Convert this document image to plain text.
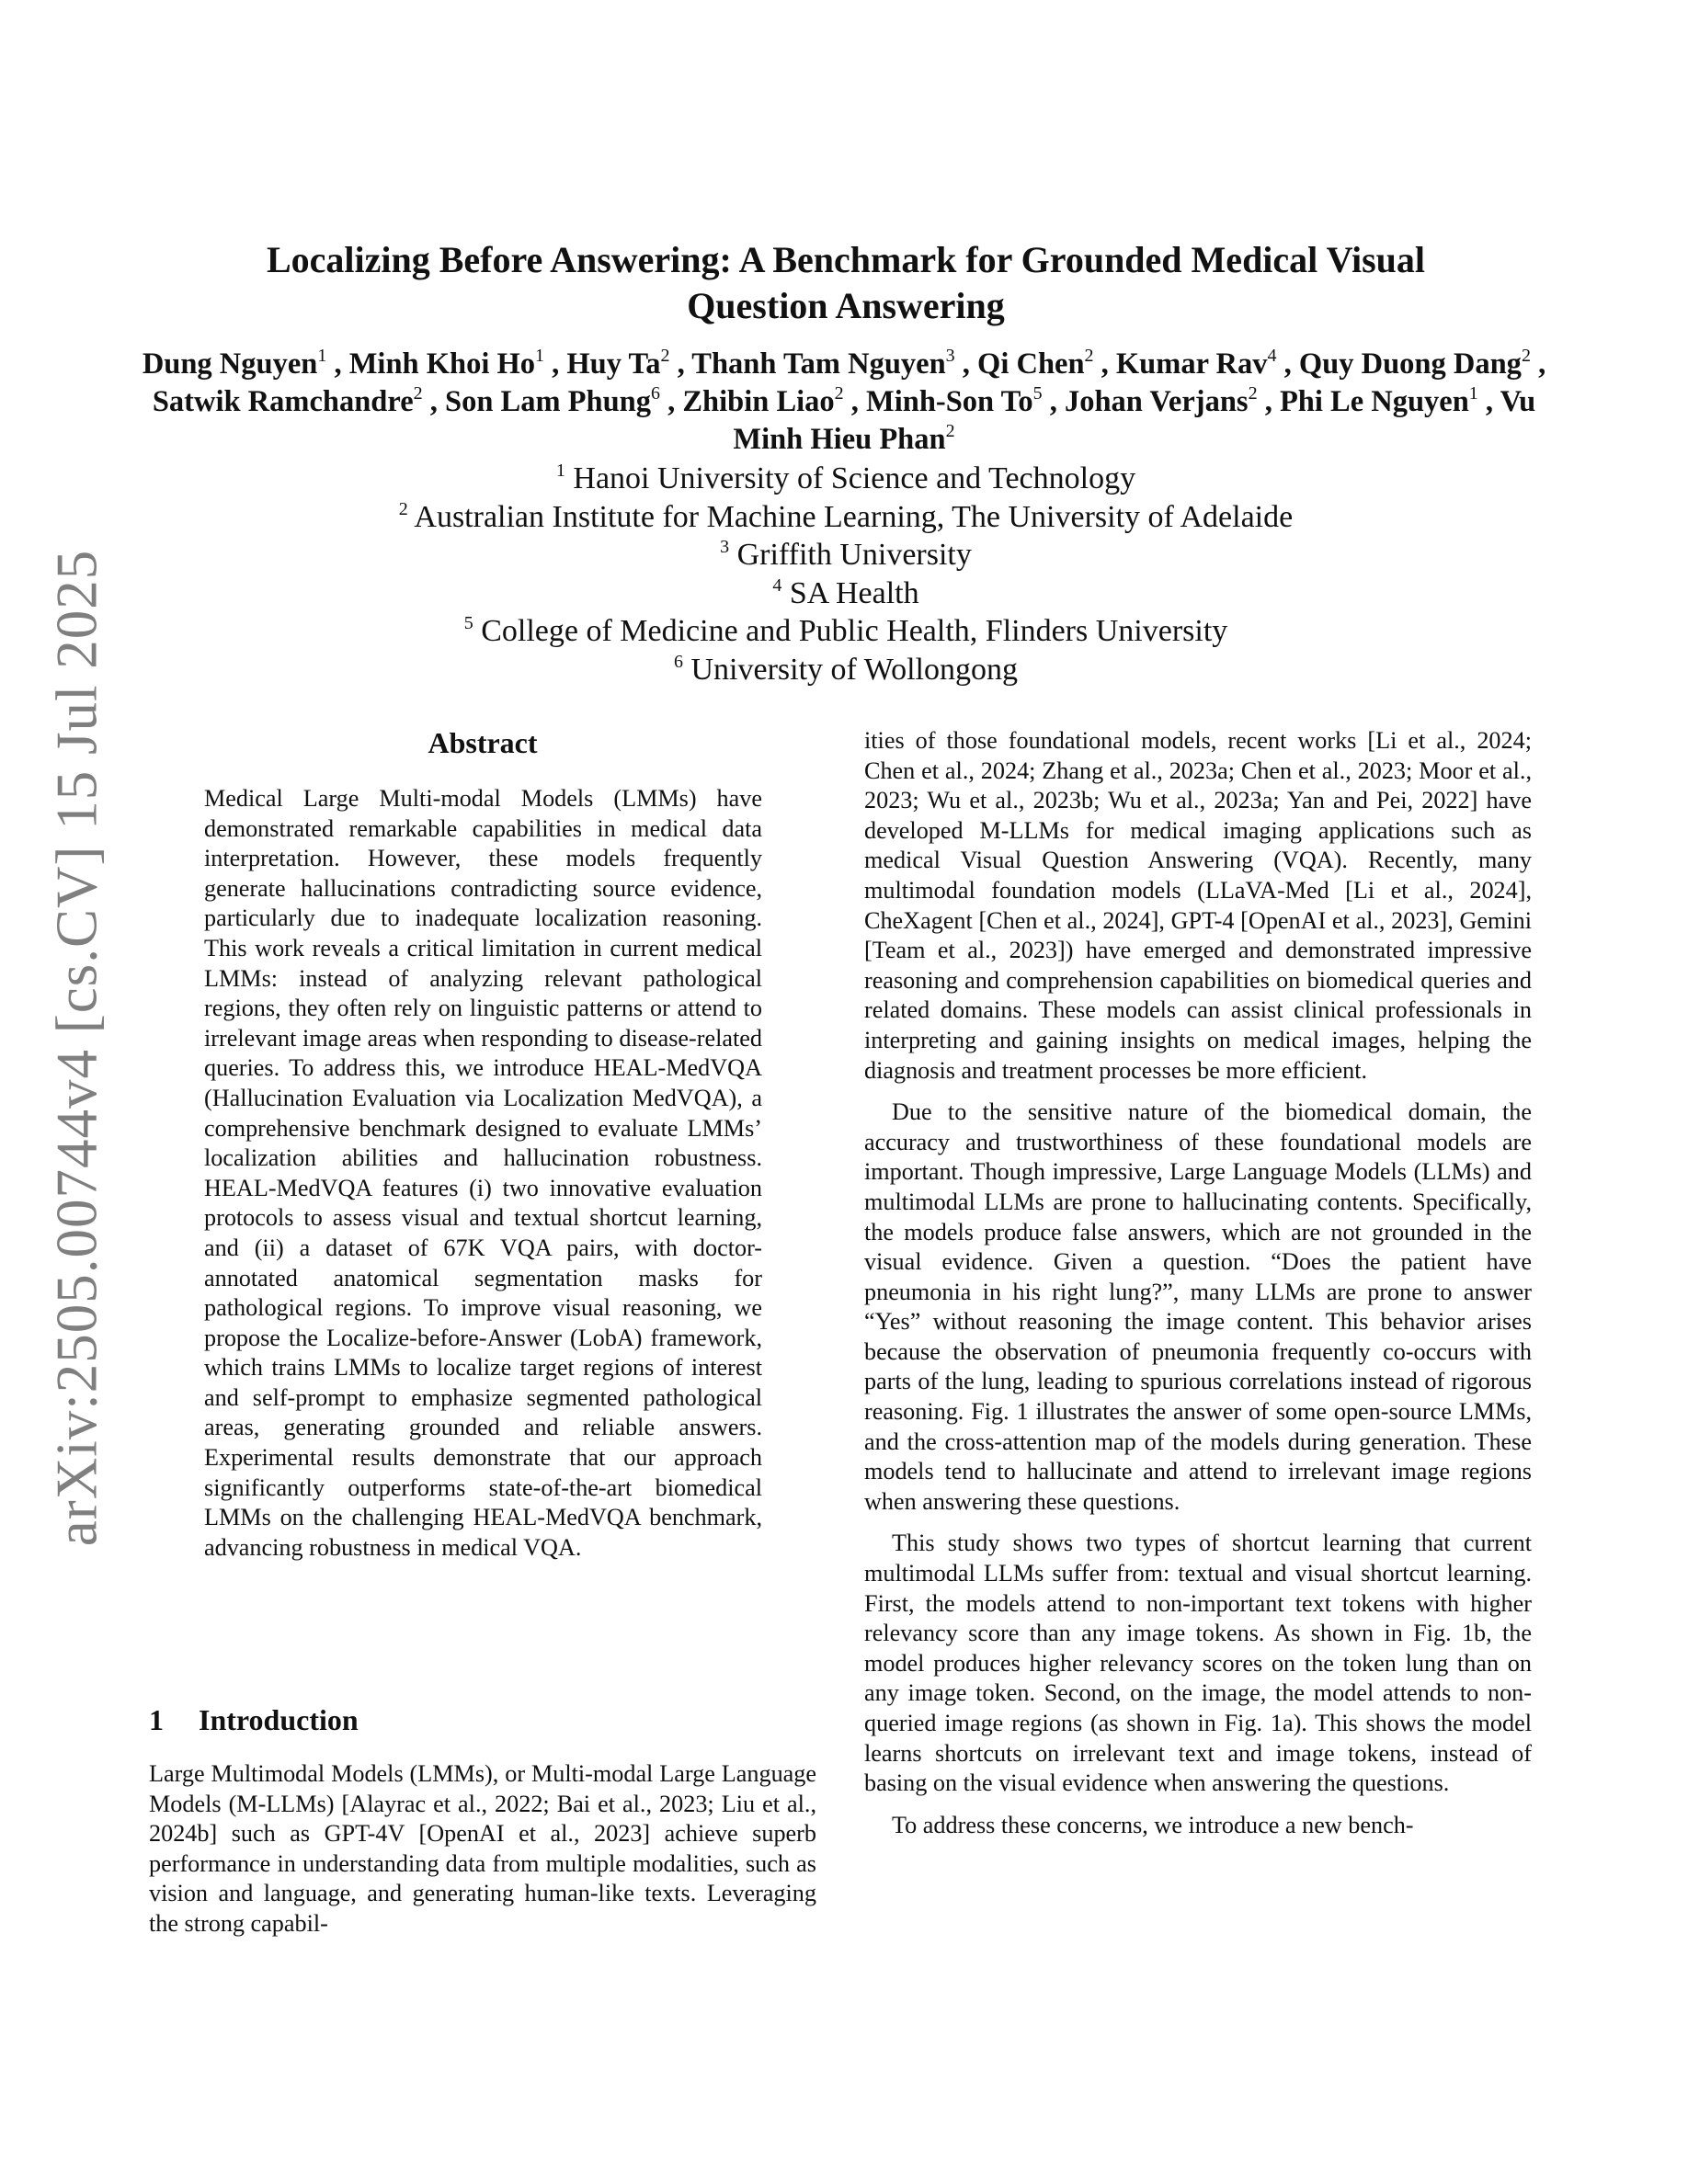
arXiv:2505.00744v4 [cs.CV] 15 Jul 2025
Localizing Before Answering: A Benchmark for Grounded Medical Visual
Question Answering
Dung Nguyen$^1$ , Minh Khoi Ho$^1$ , Huy Ta$^2$ , Thanh Tam Nguyen$^3$ , Qi Chen$^2$ , Kumar Rav$^4$ , Quy Duong Dang$^2$ , Satwik Ramchandre$^2$ , Son Lam Phung$^6$ , Zhibin Liao$^2$ , Minh-Son To$^5$ , Johan Verjans$^2$ , Phi Le Nguyen$^1$ , Vu Minh Hieu Phan$^2$
$^1$ Hanoi University of Science and Technology
$^2$ Australian Institute for Machine Learning, The University of Adelaide
$^3$ Griffith University
$^4$ SA Health
$^5$ College of Medicine and Public Health, Flinders University
$^6$ University of Wollongong
Abstract

Medical Large Multi-modal Models (LMMs) have demonstrated remarkable capabilities in medical data interpretation. However, these models frequently generate hallucinations contradicting source evidence, particularly due to inadequate localization reasoning. This work reveals a critical limitation in current medical LMMs: instead of analyzing relevant pathological regions, they often rely on linguistic patterns or attend to irrelevant image areas when responding to disease-related queries. To address this, we introduce HEAL-MedVQA (Hallucination Evaluation via Localization MedVQA), a comprehensive benchmark designed to evaluate LMMs’ localization abilities and hallucination robustness. HEAL-MedVQA features (i) two innovative evaluation protocols to assess visual and textual shortcut learning, and (ii) a dataset of 67K VQA pairs, with doctor-annotated anatomical segmentation masks for pathological regions. To improve visual reasoning, we propose the Localize-before-Answer (LobA) framework, which trains LMMs to localize target regions of interest and self-prompt to emphasize segmented pathological areas, generating grounded and reliable answers. Experimental results demonstrate that our approach significantly outperforms state-of-the-art biomedical LMMs on the challenging HEAL-MedVQA benchmark, advancing robustness in medical VQA.

1 Introduction

Large Multimodal Models (LMMs), or Multi-modal Large Language Models (M-LLMs) [Alayrac et al., 2022; Bai et al., 2023; Liu et al., 2024b] such as GPT-4V [OpenAI et al., 2023] achieve superb performance in understanding data from multiple modalities, such as vision and language, and generating human-like texts. Leveraging the strong capabil-

ities of those foundational models, recent works [Li et al., 2024; Chen et al., 2024; Zhang et al., 2023a; Chen et al., 2023; Moor et al., 2023; Wu et al., 2023b; Wu et al., 2023a; Yan and Pei, 2022] have developed M-LLMs for medical imaging applications such as medical Visual Question Answering (VQA). Recently, many multimodal foundation models (LLaVA-Med [Li et al., 2024], CheXagent [Chen et al., 2024], GPT-4 [OpenAI et al., 2023], Gemini [Team et al., 2023]) have emerged and demonstrated impressive reasoning and comprehension capabilities on biomedical queries and related domains. These models can assist clinical professionals in interpreting and gaining insights on medical images, helping the diagnosis and treatment processes be more efficient.

Due to the sensitive nature of the biomedical domain, the accuracy and trustworthiness of these foundational models are important. Though impressive, Large Language Models (LLMs) and multimodal LLMs are prone to hallucinating contents. Specifically, the models produce false answers, which are not grounded in the visual evidence. Given a question. “Does the patient have pneumonia in his right lung?”, many LLMs are prone to answer “Yes” without reasoning the image content. This behavior arises because the observation of pneumonia frequently co-occurs with parts of the lung, leading to spurious correlations instead of rigorous reasoning. Fig. 1 illustrates the answer of some open-source LMMs, and the cross-attention map of the models during generation. These models tend to hallucinate and attend to irrelevant image regions when answering these questions.

This study shows two types of shortcut learning that current multimodal LLMs suffer from: textual and visual shortcut learning. First, the models attend to non-important text tokens with higher relevancy score than any image tokens. As shown in Fig. 1b, the model produces higher relevancy scores on the token lung than on any image token. Second, on the image, the model attends to non-queried image regions (as shown in Fig. 1a). This shows the model learns shortcuts on irrelevant text and image tokens, instead of basing on the visual evidence when answering the questions.

To address these concerns, we introduce a new bench-
